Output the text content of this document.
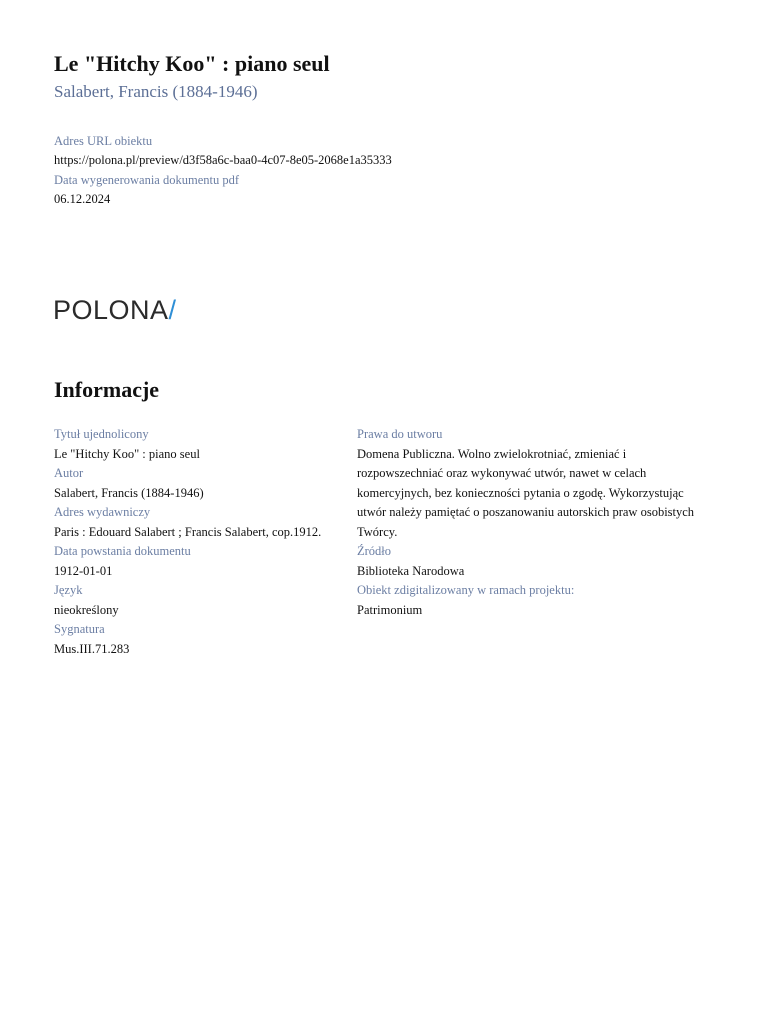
Le "Hitchy Koo" : piano seul
Salabert, Francis (1884-1946)
Adres URL obiektu
https://polona.pl/preview/d3f58a6c-baa0-4c07-8e05-2068e1a35333
Data wygenerowania dokumentu pdf
06.12.2024
POLONA/
Informacje
Tytuł ujednolicony
Le "Hitchy Koo" : piano seul
Autor
Salabert, Francis (1884-1946)
Adres wydawniczy
Paris : Edouard Salabert ; Francis Salabert, cop.1912.
Data powstania dokumentu
1912-01-01
Język
nieokreślony
Sygnatura
Mus.III.71.283
Prawa do utworu
Domena Publiczna. Wolno zwielokrotniać, zmieniać i rozpowszechniać oraz wykonywać utwór, nawet w celach komercyjnych, bez konieczności pytania o zgodę. Wykorzystując utwór należy pamiętać o poszanowaniu autorskich praw osobistych Twórcy.
Źródło
Biblioteka Narodowa
Obiekt zdigitalizowany w ramach projektu:
Patrimonium
